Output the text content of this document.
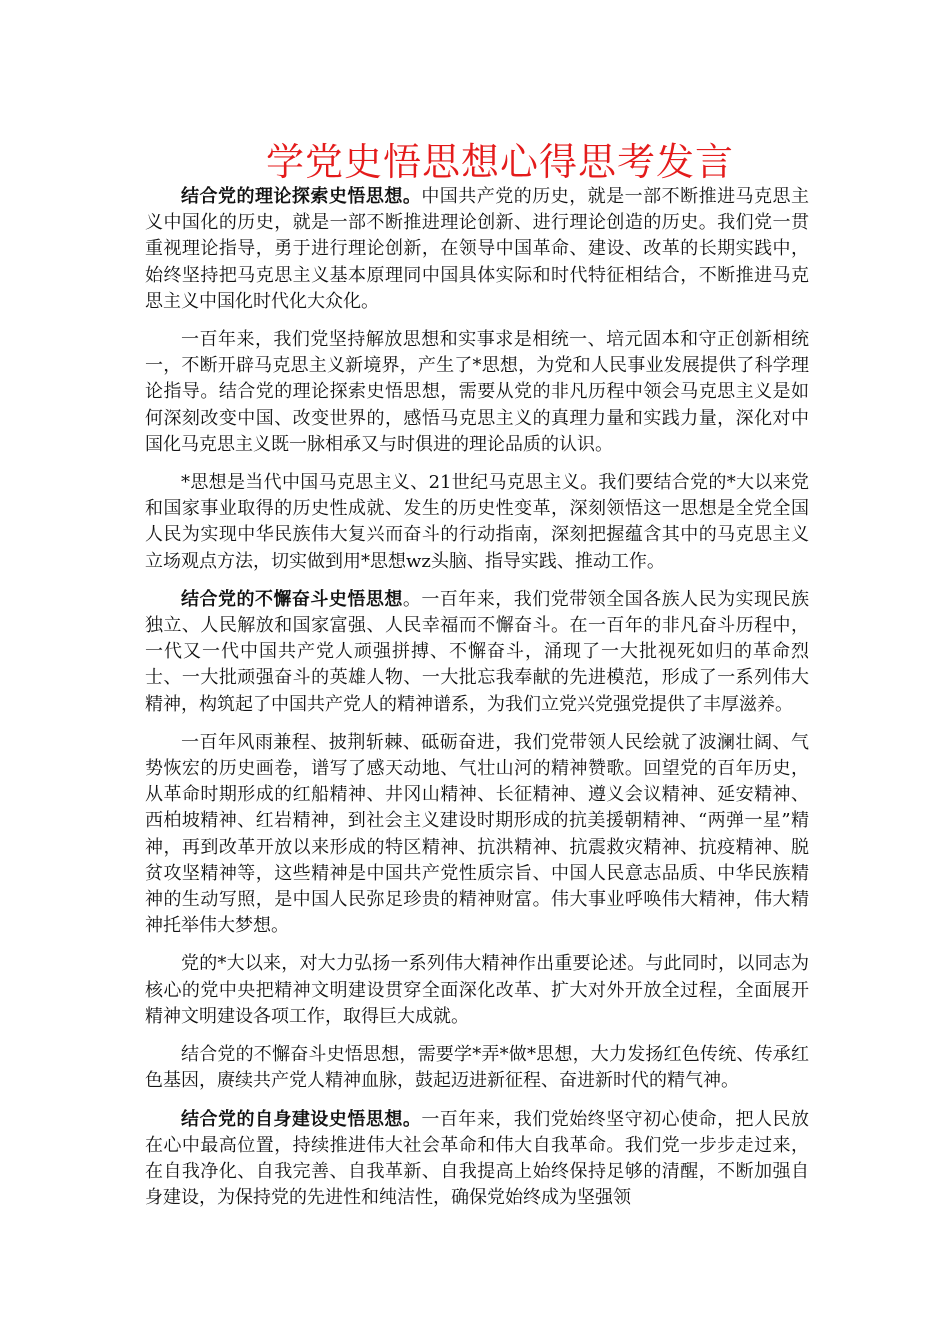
学党史悟思想心得思考发言

结合党的理论探索史悟思想。中国共产党的历史，就是一部不断推进马克思主义中国化的历史，就是一部不断推进理论创新、进行理论创造的历史。我们党一贯重视理论指导，勇于进行理论创新，在领导中国革命、建设、改革的长期实践中，始终坚持把马克思主义基本原理同中国具体实际和时代特征相结合，不断推进马克思主义中国化时代化大众化。

一百年来，我们党坚持解放思想和实事求是相统一、培元固本和守正创新相统一，不断开辟马克思主义新境界，产生了*思想，为党和人民事业发展提供了科学理论指导。结合党的理论探索史悟思想，需要从党的非凡历程中领会马克思主义是如何深刻改变中国、改变世界的，感悟马克思主义的真理力量和实践力量，深化对中国化马克思主义既一脉相承又与时俱进的理论品质的认识。

*思想是当代中国马克思主义、21世纪马克思主义。我们要结合党的*大以来党和国家事业取得的历史性成就、发生的历史性变革，深刻领悟这一思想是全党全国人民为实现中华民族伟大复兴而奋斗的行动指南，深刻把握蕴含其中的马克思主义立场观点方法，切实做到用*思想wz头脑、指导实践、推动工作。

结合党的不懈奋斗史悟思想。一百年来，我们党带领全国各族人民为实现民族独立、人民解放和国家富强、人民幸福而不懈奋斗。在一百年的非凡奋斗历程中，一代又一代中国共产党人顽强拼搏、不懈奋斗，涌现了一大批视死如归的革命烈士、一大批顽强奋斗的英雄人物、一大批忘我奉献的先进模范，形成了一系列伟大精神，构筑起了中国共产党人的精神谱系，为我们立党兴党强党提供了丰厚滋养。

一百年风雨兼程、披荆斩棘、砥砺奋进，我们党带领人民绘就了波澜壮阔、气势恢宏的历史画卷，谱写了感天动地、气壮山河的精神赞歌。回望党的百年历史，从革命时期形成的红船精神、井冈山精神、长征精神、遵义会议精神、延安精神、西柏坡精神、红岩精神，到社会主义建设时期形成的抗美援朝精神、“两弹一星”精神，再到改革开放以来形成的特区精神、抗洪精神、抗震救灾精神、抗疫精神、脱贫攻坚精神等，这些精神是中国共产党性质宗旨、中国人民意志品质、中华民族精神的生动写照，是中国人民弥足珍贵的精神财富。伟大事业呼唤伟大精神，伟大精神托举伟大梦想。

党的*大以来，对大力弘扬一系列伟大精神作出重要论述。与此同时，以同志为核心的党中央把精神文明建设贯穿全面深化改革、扩大对外开放全过程，全面展开精神文明建设各项工作，取得巨大成就。

结合党的不懈奋斗史悟思想，需要学*弄*做*思想，大力发扬红色传统、传承红色基因，赓续共产党人精神血脉，鼓起迈进新征程、奋进新时代的精气神。

结合党的自身建设史悟思想。一百年来，我们党始终坚守初心使命，把人民放在心中最高位置，持续推进伟大社会革命和伟大自我革命。我们党一步步走过来，在自我净化、自我完善、自我革新、自我提高上始终保持足够的清醒，不断加强自身建设，为保持党的先进性和纯洁性，确保党始终成为坚强领
